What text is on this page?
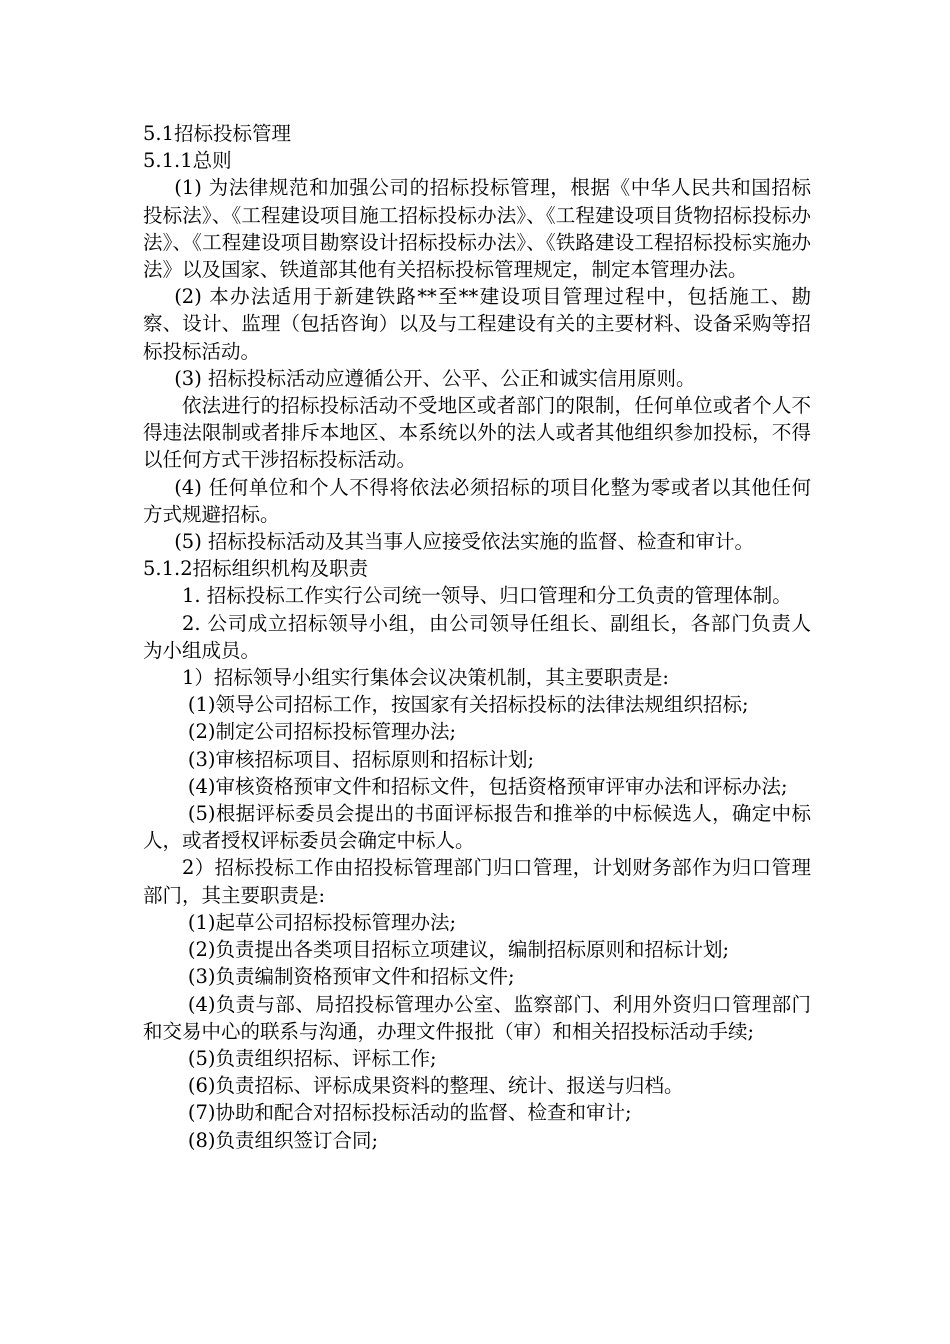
5.1招标投标管理

5.1.1总则

(1) 为法律规范和加强公司的招标投标管理，根据《中华人民共和国招标投标法》、《工程建设项目施工招标投标办法》、《工程建设项目货物招标投标办法》、《工程建设项目勘察设计招标投标办法》、《铁路建设工程招标投标实施办法》以及国家、铁道部其他有关招标投标管理规定，制定本管理办法。

(2) 本办法适用于新建铁路**至**建设项目管理过程中，包括施工、勘察、设计、监理（包括咨询）以及与工程建设有关的主要材料、设备采购等招标投标活动。

(3) 招标投标活动应遵循公开、公平、公正和诚实信用原则。

依法进行的招标投标活动不受地区或者部门的限制，任何单位或者个人不得违法限制或者排斥本地区、本系统以外的法人或者其他组织参加投标，不得以任何方式干涉招标投标活动。

(4) 任何单位和个人不得将依法必须招标的项目化整为零或者以其他任何方式规避招标。

(5) 招标投标活动及其当事人应接受依法实施的监督、检查和审计。

5.1.2招标组织机构及职责

1. 招标投标工作实行公司统一领导、归口管理和分工负责的管理体制。

2. 公司成立招标领导小组，由公司领导任组长、副组长，各部门负责人为小组成员。

1）招标领导小组实行集体会议决策机制，其主要职责是:

(1)领导公司招标工作，按国家有关招标投标的法律法规组织招标;

(2)制定公司招标投标管理办法;

(3)审核招标项目、招标原则和招标计划;

(4)审核资格预审文件和招标文件，包括资格预审评审办法和评标办法;

(5)根据评标委员会提出的书面评标报告和推举的中标候选人，确定中标人，或者授权评标委员会确定中标人。

2）招标投标工作由招投标管理部门归口管理，计划财务部作为归口管理部门，其主要职责是:

(1)起草公司招标投标管理办法;

(2)负责提出各类项目招标立项建议，编制招标原则和招标计划;

(3)负责编制资格预审文件和招标文件;

(4)负责与部、局招投标管理办公室、监察部门、利用外资归口管理部门和交易中心的联系与沟通，办理文件报批（审）和相关招投标活动手续;

(5)负责组织招标、评标工作;

(6)负责招标、评标成果资料的整理、统计、报送与归档。

(7)协助和配合对招标投标活动的监督、检查和审计;

(8)负责组织签订合同;
